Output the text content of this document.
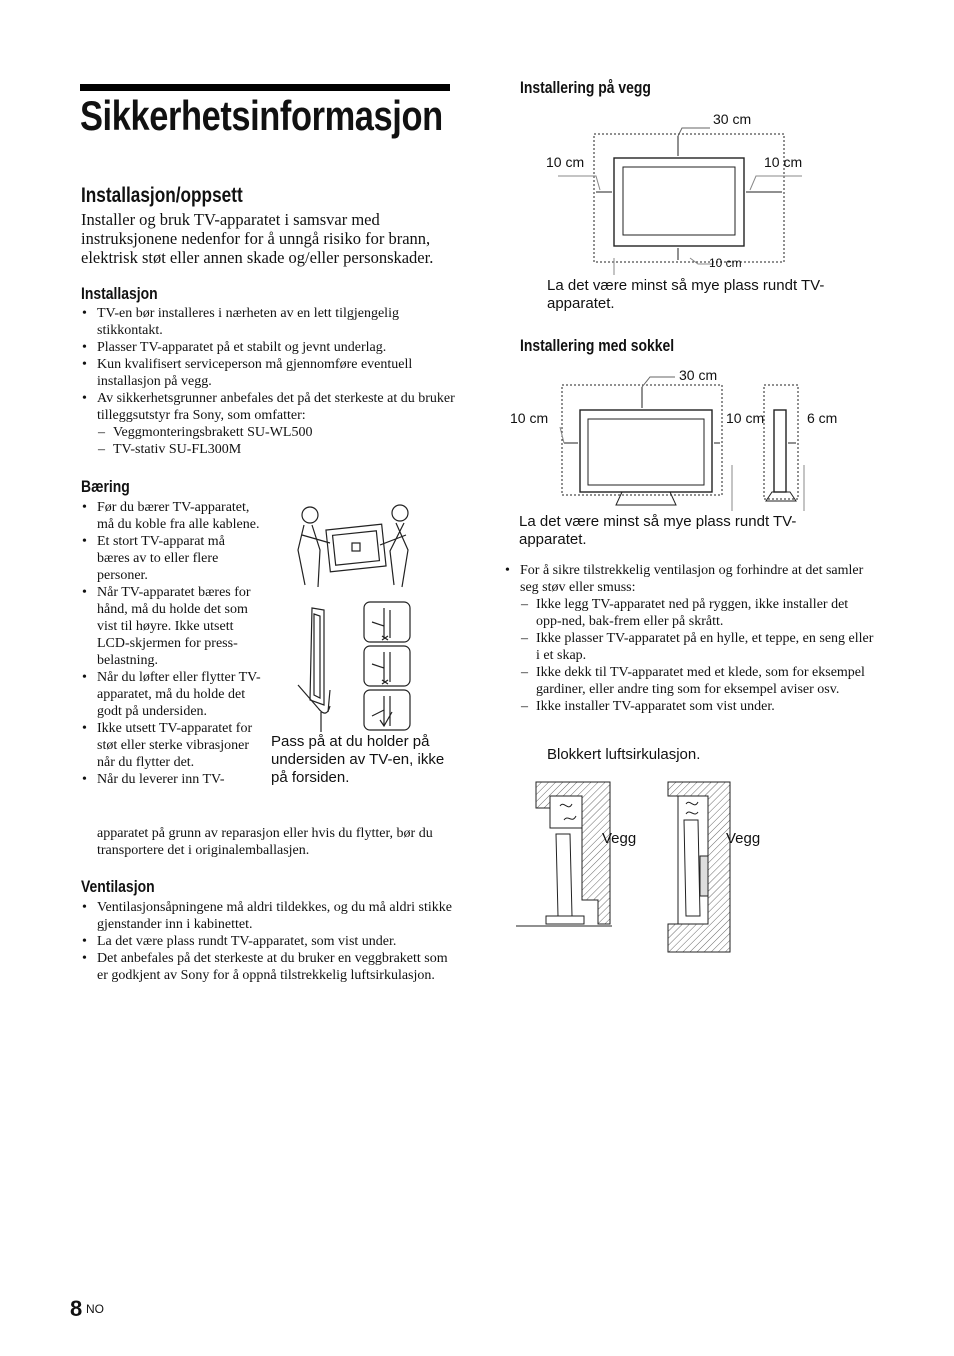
Sikkerhetsinformasjon
Installasjon/oppsett
Installer og bruk TV-apparatet i samsvar med instruksjonene nedenfor for å unngå risiko for brann, elektrisk støt eller annen skade og/eller personskader.
Installasjon
• TV-en bør installeres i nærheten av en lett tilgjengelig stikkontakt.
• Plasser TV-apparatet på et stabilt og jevnt underlag.
• Kun kvalifisert serviceperson må gjennomføre eventuell installasjon på vegg.
• Av sikkerhetsgrunner anbefales det på det sterkeste at du bruker tilleggsutstyr fra Sony, som omfatter:
– Veggmonteringsbrakett SU-WL500
– TV-stativ SU-FL300M
Bæring
• Før du bærer TV-apparatet, må du koble fra alle kablene.
• Et stort TV-apparat må bæres av to eller flere personer.
• Når TV-apparatet bæres for hånd, må du holde det som vist til høyre. Ikke utsett LCD-skjermen for press-belastning.
• Når du løfter eller flytter TV-apparatet, må du holde det godt på undersiden.
• Ikke utsett TV-apparatet for støt eller sterke vibrasjoner når du flytter det.
• Når du leverer inn TV-
apparatet på grunn av reparasjon eller hvis du flytter, bør du transportere det i originalemballasjen.
Pass på at du holder på undersiden av TV-en, ikke på forsiden.
Ventilasjon
• Ventilasjonsåpningene må aldri tildekkes, og du må aldri stikke gjenstander inn i kabinettet.
• La det være plass rundt TV-apparatet, som vist under.
• Det anbefales på det sterkeste at du bruker en veggbrakett som er godkjent av Sony for å oppnå tilstrekkelig luftsirkulasjon.
Installering på vegg
30 cm
10 cm	10 cm
10 cm
La det være minst så mye plass rundt TV-apparatet.
Installering med sokkel
30 cm
10 cm	10 cm	6 cm
La det være minst så mye plass rundt TV-apparatet.
• For å sikre tilstrekkelig ventilasjon og forhindre at det samler seg støv eller smuss:
– Ikke legg TV-apparatet ned på ryggen, ikke installer det opp-ned, bak-frem eller på skrått.
– Ikke plasser TV-apparatet på en hylle, et teppe, en seng eller i et skap.
– Ikke dekk til TV-apparatet med et klede, som for eksempel gardiner, eller andre ting som for eksempel aviser osv.
– Ikke installer TV-apparatet som vist under.
Blokkert luftsirkulasjon.
Vegg	Vegg
8 NO
